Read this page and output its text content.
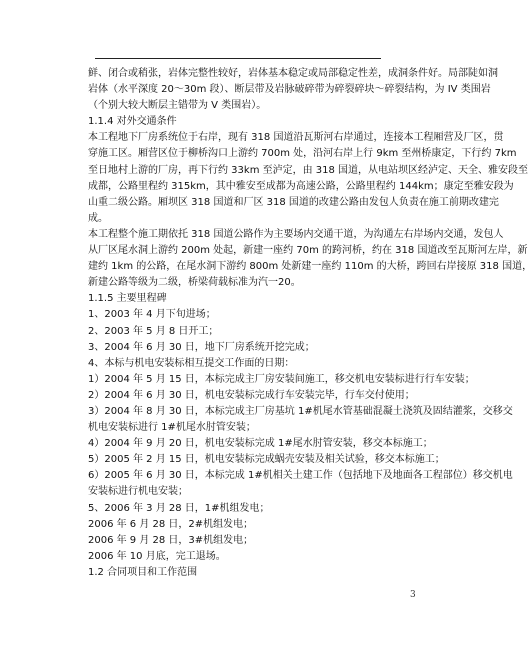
鲜、闭合或稍张，岩体完整性较好，岩体基本稳定或局部稳定性差，成洞条件好。局部陡如洞
岩体（水平深度 20～30m 段）、断层带及岩脉破碎带为碎裂碎块～碎裂结构，为 IV 类围岩
（个别大较大断层主错带为 V 类围岩）。
1.1.4 对外交通条件
本工程地下厂房系统位于右岸，现有 318 国道沿瓦斯河右岸通过，连接本工程厢营及厂区，贯
穿施工区。厢营区位于柳桥沟口上游约 700m 处，沿河右岸上行 9km 至州桥康定，下行约 7km
至日地村上游的厂房，再下行约 33km 至泸定，由 318 国道，从电站坝区经泸定、天全、雅安段至
成都，公路里程约 315km，其中雅安至成都为高速公路，公路里程约 144km；康定至雅安段为
山重二级公路。厢坝区 318 国道和厂区 318 国道的改建公路由发包人负责在施工前期改建完
成。
本工程整个施工期依托 318 国道公路作为主要场内交通干道，为沟通左右岸场内交通，发包人
从厂区尾水洞上游约 200m 处起，新建一座约 70m 的跨河桥，约在 318 国道改至瓦斯河左岸，新
建约 1km 的公路，在尾水洞下游约 800m 处新建一座约 110m 的大桥，跨回右岸接原 318 国道，
新建公路等级为二级，桥梁荷载标准为汽一20。
1.1.5 主要里程碑
1、2003 年 4 月下旬进场；
2、2003 年 5 月 8 日开工；
3、2004 年 6 月 30 日，地下厂房系统开挖完成；
4、本标与机电安装标相互提交工作面的日期：
1）2004 年 5 月 15 日，本标完成主厂房安装间施工，移交机电安装标进行行车安装；
2）2004 年 6 月 30 日，机电安装标完成行车安装完毕，行车交付使用；
3）2004 年 8 月 30 日，本标完成主厂房基坑 1#机尾水管基础混凝土浇筑及固结灌浆，交移交
机电安装标进行 1#机尾水肘管安装；
4）2004 年 9 月 20 日，机电安装标完成 1#尾水肘管安装，移交本标施工；
5）2005 年 2 月 15 日，机电安装标完成蜗壳安装及相关试验，移交本标施工；
6）2005 年 6 月 30 日，本标完成 1#机相关土建工作（包括地下及地面各工程部位）移交机电
安装标进行机电安装；
5、2006 年 3 月 28 日，1#机组发电；
2006 年 6 月 28 日，2#机组发电；
2006 年 9 月 28 日，3#机组发电；
2006 年 10 月底，完工退场。
1.2 合同项目和工作范围
3
